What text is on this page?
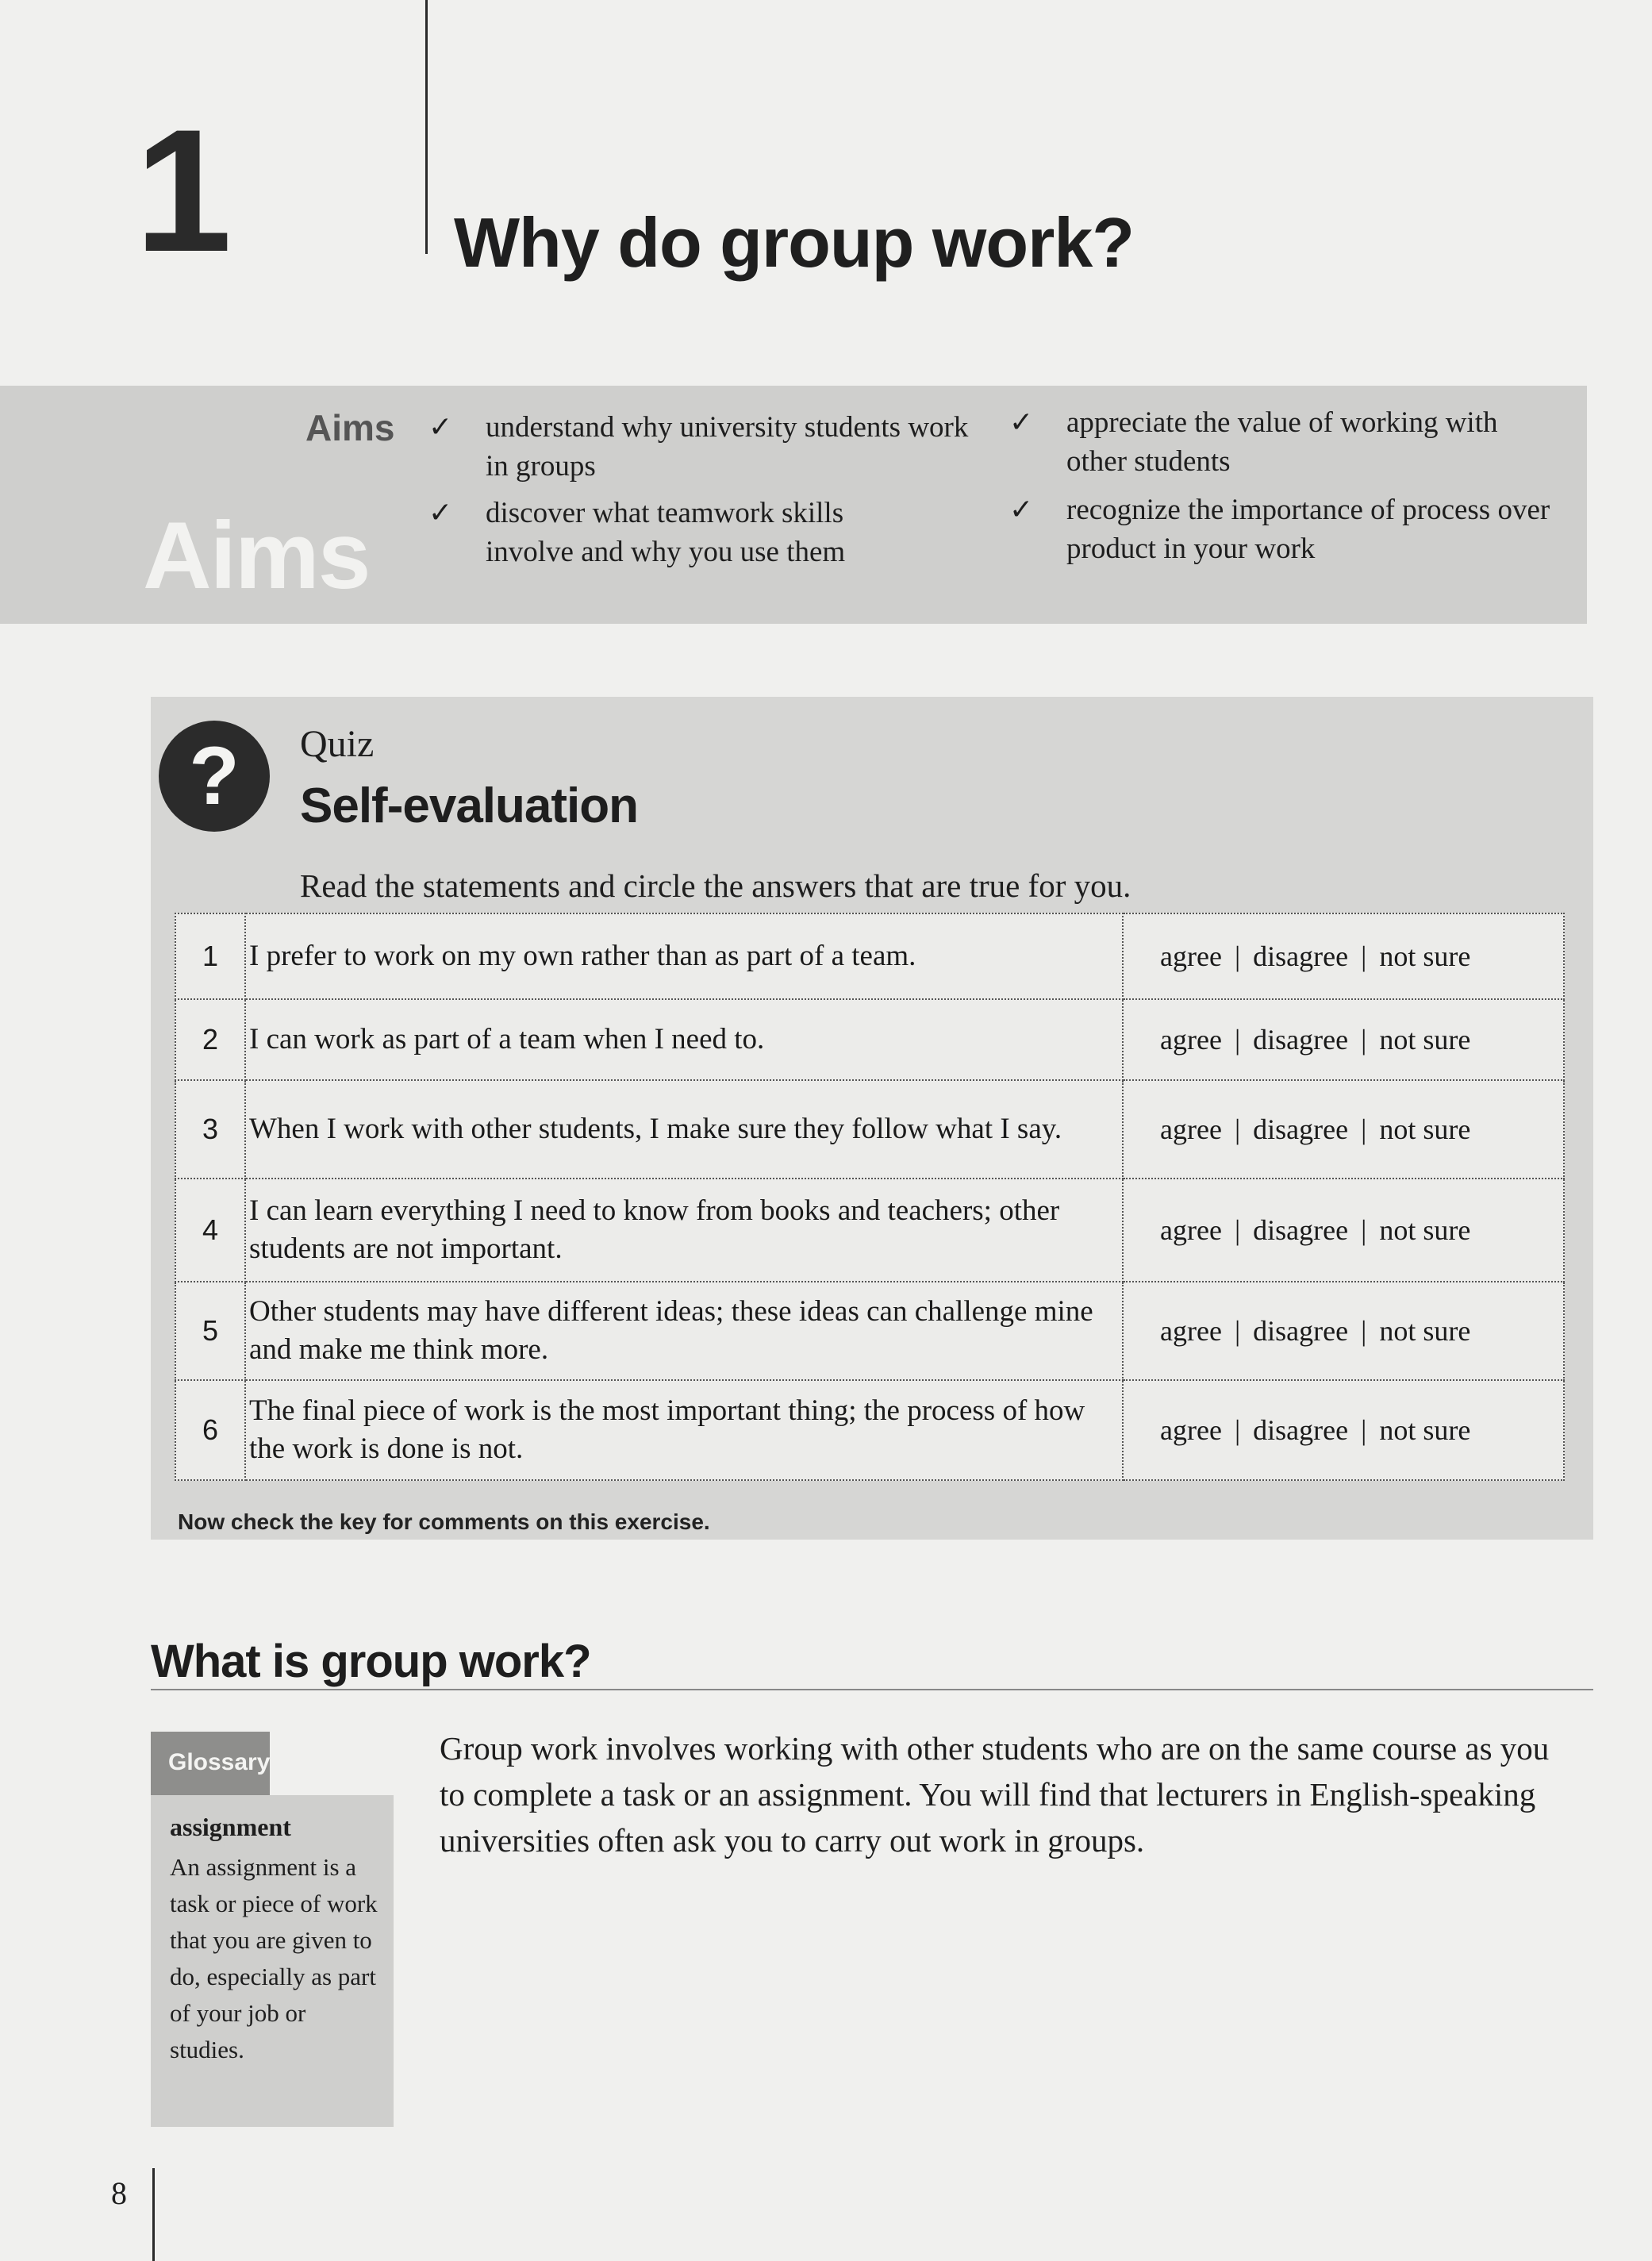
1	Why do group work?
Aims
Aims ✓ understand why university students work in groups
✓ discover what teamwork skills involve and why you use them
✓ appreciate the value of working with other students
✓ recognize the importance of process over product in your work
?	Quiz
Self-evaluation
Read the statements and circle the answers that are true for you.
1	I prefer to work on my own rather than as part of a team.	agree | disagree | not sure
2	I can work as part of a team when I need to.	agree | disagree | not sure
3	When I work with other students, I make sure they follow what I say.	agree | disagree | not sure
4	I can learn everything I need to know from books and teachers; other students are not important.	agree | disagree | not sure
5	Other students may have different ideas; these ideas can challenge mine and make me think more.	agree | disagree | not sure
6	The final piece of work is the most important thing; the process of how the work is done is not.	agree | disagree | not sure
Now check the key for comments on this exercise.
What is group work?
Glossary
assignment
An assignment is a task or piece of work that you are given to do, especially as part of your job or studies.
Group work involves working with other students who are on the same course as you to complete a task or an assignment. You will find that lecturers in English-speaking universities often ask you to carry out work in groups.
8
